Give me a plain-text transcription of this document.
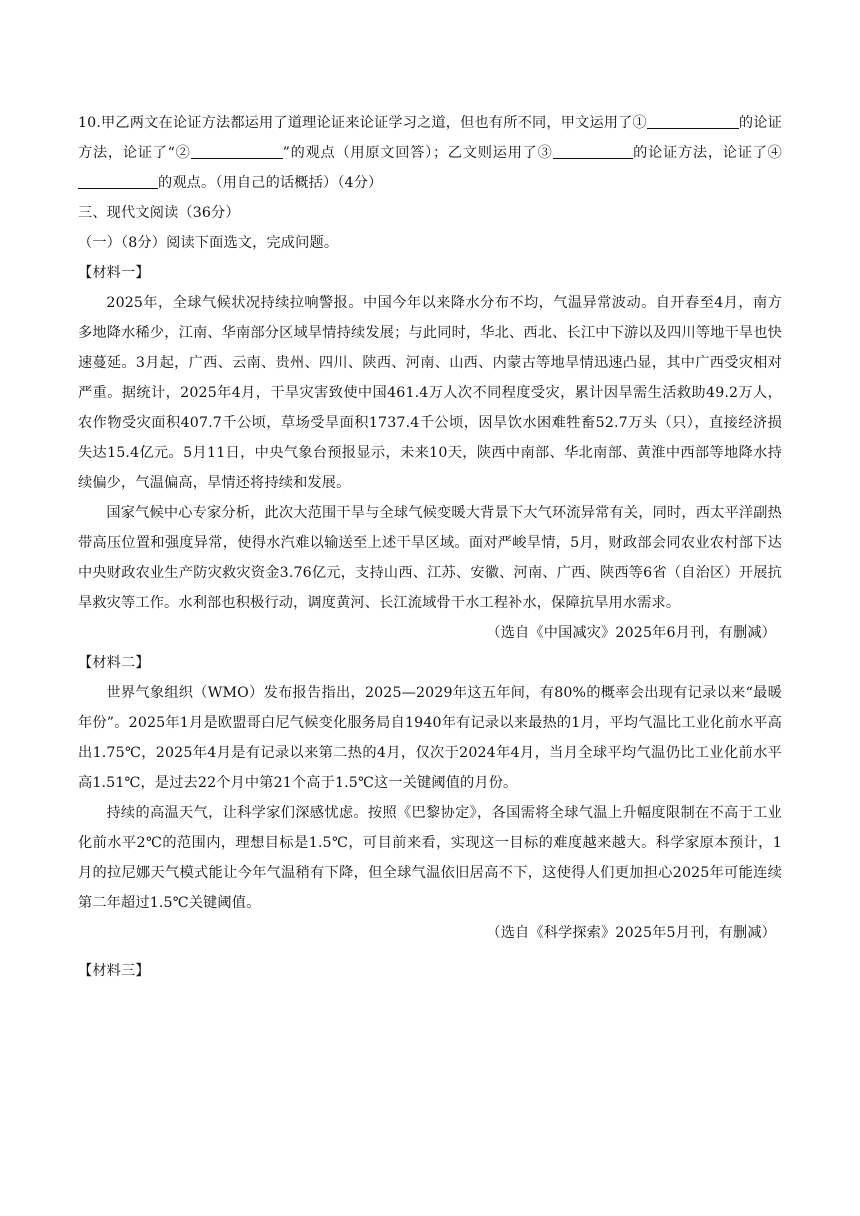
10.甲乙两文在论证方法都运用了道理论证来论证学习之道，但也有所不同，甲文运用了①	的论证方法，论证了“②	”的观点（用原文回答）；乙文则运用了③	的论证方法，论证了④的观点。（用自己的话概括）（4分）

三、现代文阅读（36分）

（一）（8分）阅读下面选文，完成问题。

【材料一】

2025年，全球气候状况持续拉响警报。中国今年以来降水分布不均，气温异常波动。自开春至4月，南方多地降水稀少，江南、华南部分区域旱情持续发展；与此同时，华北、西北、长江中下游以及四川等地干旱也快速蔓延。3月起，广西、云南、贵州、四川、陕西、河南、山西、内蒙古等地旱情迅速凸显，其中广西受灾相对严重。据统计，2025年4月，干旱灾害致使中国461.4万人次不同程度受灾，累计因旱需生活救助49.2万人，农作物受灾面积407.7千公顷，草场受旱面积1737.4千公顷，因旱饮水困难牲畜52.7万头（只），直接经济损失达15.4亿元。5月11日，中央气象台预报显示，未来10天，陕西中南部、华北南部、黄淮中西部等地降水持续偏少，气温偏高，旱情还将持续和发展。

国家气候中心专家分析，此次大范围干旱与全球气候变暖大背景下大气环流异常有关，同时，西太平洋副热带高压位置和强度异常，使得水汽难以输送至上述干旱区域。面对严峻旱情，5月，财政部会同农业农村部下达中央财政农业生产防灾救灾资金3.76亿元，支持山西、江苏、安徽、河南、广西、陕西等6省（自治区）开展抗旱救灾等工作。水利部也积极行动，调度黄河、长江流域骨干水工程补水，保障抗旱用水需求。

（选自《中国减灾》2025年6月刊，有删减）

【材料二】

世界气象组织（WMO）发布报告指出，2025—2029年这五年间，有80%的概率会出现有记录以来“最暖年份”。2025年1月是欧盟哥白尼气候变化服务局自1940年有记录以来最热的1月，平均气温比工业化前水平高出1.75℃，2025年4月是有记录以来第二热的4月，仅次于2024年4月，当月全球平均气温仍比工业化前水平高1.51℃，是过去22个月中第21个高于1.5℃这一关键阈值的月份。

持续的高温天气，让科学家们深感忧虑。按照《巴黎协定》，各国需将全球气温上升幅度限制在不高于工业化前水平2℃的范围内，理想目标是1.5℃，可目前来看，实现这一目标的难度越来越大。科学家原本预计，1月的拉尼娜天气模式能让今年气温稍有下降，但全球气温依旧居高不下，这使得人们更加担心2025年可能连续第二年超过1.5℃关键阈值。

（选自《科学探索》2025年5月刊，有删减）

【材料三】
